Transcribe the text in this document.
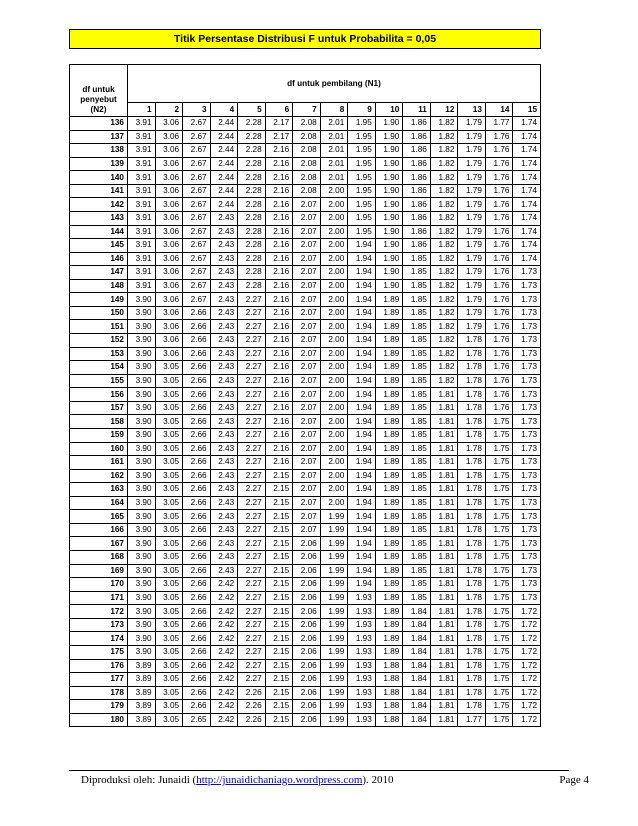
Titik Persentase Distribusi F untuk Probabilita = 0,05
df untuk
penyebut
(N2)	df untuk pembilang (N1)														
	1	2	3	4	5	6	7	8	9	10	11	12	13	14	15
136	3.91	3.06	2.67	2.44	2.28	2.17	2.08	2.01	1.95	1.90	1.86	1.82	1.79	1.77	1.74
137	3.91	3.06	2.67	2.44	2.28	2.17	2.08	2.01	1.95	1.90	1.86	1.82	1.79	1.76	1.74
138	3.91	3.06	2.67	2.44	2.28	2.16	2.08	2.01	1.95	1.90	1.86	1.82	1.79	1.76	1.74
139	3.91	3.06	2.67	2.44	2.28	2.16	2.08	2.01	1.95	1.90	1.86	1.82	1.79	1.76	1.74
140	3.91	3.06	2.67	2.44	2.28	2.16	2.08	2.01	1.95	1.90	1.86	1.82	1.79	1.76	1.74
141	3.91	3.06	2.67	2.44	2.28	2.16	2.08	2.00	1.95	1.90	1.86	1.82	1.79	1.76	1.74
142	3.91	3.06	2.67	2.44	2.28	2.16	2.07	2.00	1.95	1.90	1.86	1.82	1.79	1.76	1.74
143	3.91	3.06	2.67	2.43	2.28	2.16	2.07	2.00	1.95	1.90	1.86	1.82	1.79	1.76	1.74
144	3.91	3.06	2.67	2.43	2.28	2.16	2.07	2.00	1.95	1.90	1.86	1.82	1.79	1.76	1.74
145	3.91	3.06	2.67	2.43	2.28	2.16	2.07	2.00	1.94	1.90	1.86	1.82	1.79	1.76	1.74
146	3.91	3.06	2.67	2.43	2.28	2.16	2.07	2.00	1.94	1.90	1.85	1.82	1.79	1.76	1.74
147	3.91	3.06	2.67	2.43	2.28	2.16	2.07	2.00	1.94	1.90	1.85	1.82	1.79	1.76	1.73
148	3.91	3.06	2.67	2.43	2.28	2.16	2.07	2.00	1.94	1.90	1.85	1.82	1.79	1.76	1.73
149	3.90	3.06	2.67	2.43	2.27	2.16	2.07	2.00	1.94	1.89	1.85	1.82	1.79	1.76	1.73
150	3.90	3.06	2.66	2.43	2.27	2.16	2.07	2.00	1.94	1.89	1.85	1.82	1.79	1.76	1.73
151	3.90	3.06	2.66	2.43	2.27	2.16	2.07	2.00	1.94	1.89	1.85	1.82	1.79	1.76	1.73
152	3.90	3.06	2.66	2.43	2.27	2.16	2.07	2.00	1.94	1.89	1.85	1.82	1.78	1.76	1.73
153	3.90	3.06	2.66	2.43	2.27	2.16	2.07	2.00	1.94	1.89	1.85	1.82	1.78	1.76	1.73
154	3.90	3.05	2.66	2.43	2.27	2.16	2.07	2.00	1.94	1.89	1.85	1.82	1.78	1.76	1.73
155	3.90	3.05	2.66	2.43	2.27	2.16	2.07	2.00	1.94	1.89	1.85	1.82	1.78	1.76	1.73
156	3.90	3.05	2.66	2.43	2.27	2.16	2.07	2.00	1.94	1.89	1.85	1.81	1.78	1.76	1.73
157	3.90	3.05	2.66	2.43	2.27	2.16	2.07	2.00	1.94	1.89	1.85	1.81	1.78	1.76	1.73
158	3.90	3.05	2.66	2.43	2.27	2.16	2.07	2.00	1.94	1.89	1.85	1.81	1.78	1.75	1.73
159	3.90	3.05	2.66	2.43	2.27	2.16	2.07	2.00	1.94	1.89	1.85	1.81	1.78	1.75	1.73
160	3.90	3.05	2.66	2.43	2.27	2.16	2.07	2.00	1.94	1.89	1.85	1.81	1.78	1.75	1.73
161	3.90	3.05	2.66	2.43	2.27	2.16	2.07	2.00	1.94	1.89	1.85	1.81	1.78	1.75	1.73
162	3.90	3.05	2.66	2.43	2.27	2.15	2.07	2.00	1.94	1.89	1.85	1.81	1.78	1.75	1.73
163	3.90	3.05	2.66	2.43	2.27	2.15	2.07	2.00	1.94	1.89	1.85	1.81	1.78	1.75	1.73
164	3.90	3.05	2.66	2.43	2.27	2.15	2.07	2.00	1.94	1.89	1.85	1.81	1.78	1.75	1.73
165	3.90	3.05	2.66	2.43	2.27	2.15	2.07	1.99	1.94	1.89	1.85	1.81	1.78	1.75	1.73
166	3.90	3.05	2.66	2.43	2.27	2.15	2.07	1.99	1.94	1.89	1.85	1.81	1.78	1.75	1.73
167	3.90	3.05	2.66	2.43	2.27	2.15	2.06	1.99	1.94	1.89	1.85	1.81	1.78	1.75	1.73
168	3.90	3.05	2.66	2.43	2.27	2.15	2.06	1.99	1.94	1.89	1.85	1.81	1.78	1.75	1.73
169	3.90	3.05	2.66	2.43	2.27	2.15	2.06	1.99	1.94	1.89	1.85	1.81	1.78	1.75	1.73
170	3.90	3.05	2.66	2.42	2.27	2.15	2.06	1.99	1.94	1.89	1.85	1.81	1.78	1.75	1.73
171	3.90	3.05	2.66	2.42	2.27	2.15	2.06	1.99	1.93	1.89	1.85	1.81	1.78	1.75	1.73
172	3.90	3.05	2.66	2.42	2.27	2.15	2.06	1.99	1.93	1.89	1.84	1.81	1.78	1.75	1.72
173	3.90	3.05	2.66	2.42	2.27	2.15	2.06	1.99	1.93	1.89	1.84	1.81	1.78	1.75	1.72
174	3.90	3.05	2.66	2.42	2.27	2.15	2.06	1.99	1.93	1.89	1.84	1.81	1.78	1.75	1.72
175	3.90	3.05	2.66	2.42	2.27	2.15	2.06	1.99	1.93	1.89	1.84	1.81	1.78	1.75	1.72
176	3.89	3.05	2.66	2.42	2.27	2.15	2.06	1.99	1.93	1.88	1.84	1.81	1.78	1.75	1.72
177	3.89	3.05	2.66	2.42	2.27	2.15	2.06	1.99	1.93	1.88	1.84	1.81	1.78	1.75	1.72
178	3.89	3.05	2.66	2.42	2.26	2.15	2.06	1.99	1.93	1.88	1.84	1.81	1.78	1.75	1.72
179	3.89	3.05	2.66	2.42	2.26	2.15	2.06	1.99	1.93	1.88	1.84	1.81	1.78	1.75	1.72
180	3.89	3.05	2.65	2.42	2.26	2.15	2.06	1.99	1.93	1.88	1.84	1.81	1.77	1.75	1.72
Diproduksi oleh: Junaidi (http://junaidichaniago.wordpress.com). 2010	Page 4
